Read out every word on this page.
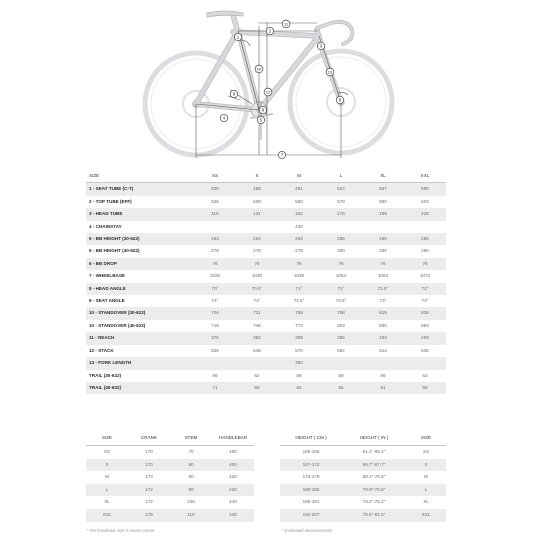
1
2
3
4	5
6
7
8
9
10
11
12
13
SIZE	XS	S	M	L	XL	XXL
1 - SEAT TUBE (C-T)	425	458	491	524	557	590
2 - TOP TUBE (EFF)	526	539	558	570	590	603
3 - HEAD TUBE	116	131	152	176	199	226
4 - CHAINSTAY			430			
5 - BB HEIGHT (30-622)	263	263	263	265	265	265
5 - BB HEIGHT (40-622)	278	278	278	280	280	280
6 - BB DROP	78	78	78	76	76	76
7 - WHEELBASE	1020	1030	1036	1054	1063	1072
8 - HEAD ANGLE	70°	70.5°	71°	71°	71.5°	72°
9 - SEAT ANGLE	74°	74°	73.5°	73.5°	73°	73°
10 - STANDOVER (30-622)	704	731	759	788	815	836
10 - STANDOVER (40-622)	718	746	773	803	830	853
11 - REACH	375	382	389	395	402	409
12 - STACK	526	548	570	592	614	636
13 - FORK LENGTH			390			
TRAIL (30-622)	66	62	59	59	56	53
TRAIL (40-622)	71	68	64	64	61	58
SIZE	CRANK	STEM	HANDLEBAR
XS	170	70	400
S	170	80	400
M	170	90	420
L	172	90	420
XL	172	100	440
XXL	175	110	440
HEIGHT ( CM )	HEIGHT ( IN )	SIZE
155-166	61.1"-65.4"	XS
167-172	65.7"-67.7"	S
173-179	68.1"-70.5"	M
180-185	70.9"-72.8"	L
186-191	73.2"-75.2"	XL
192-207	75.6"-81.5"	XXL
* The handlebar size is centre-centre	* Estimated measurements
